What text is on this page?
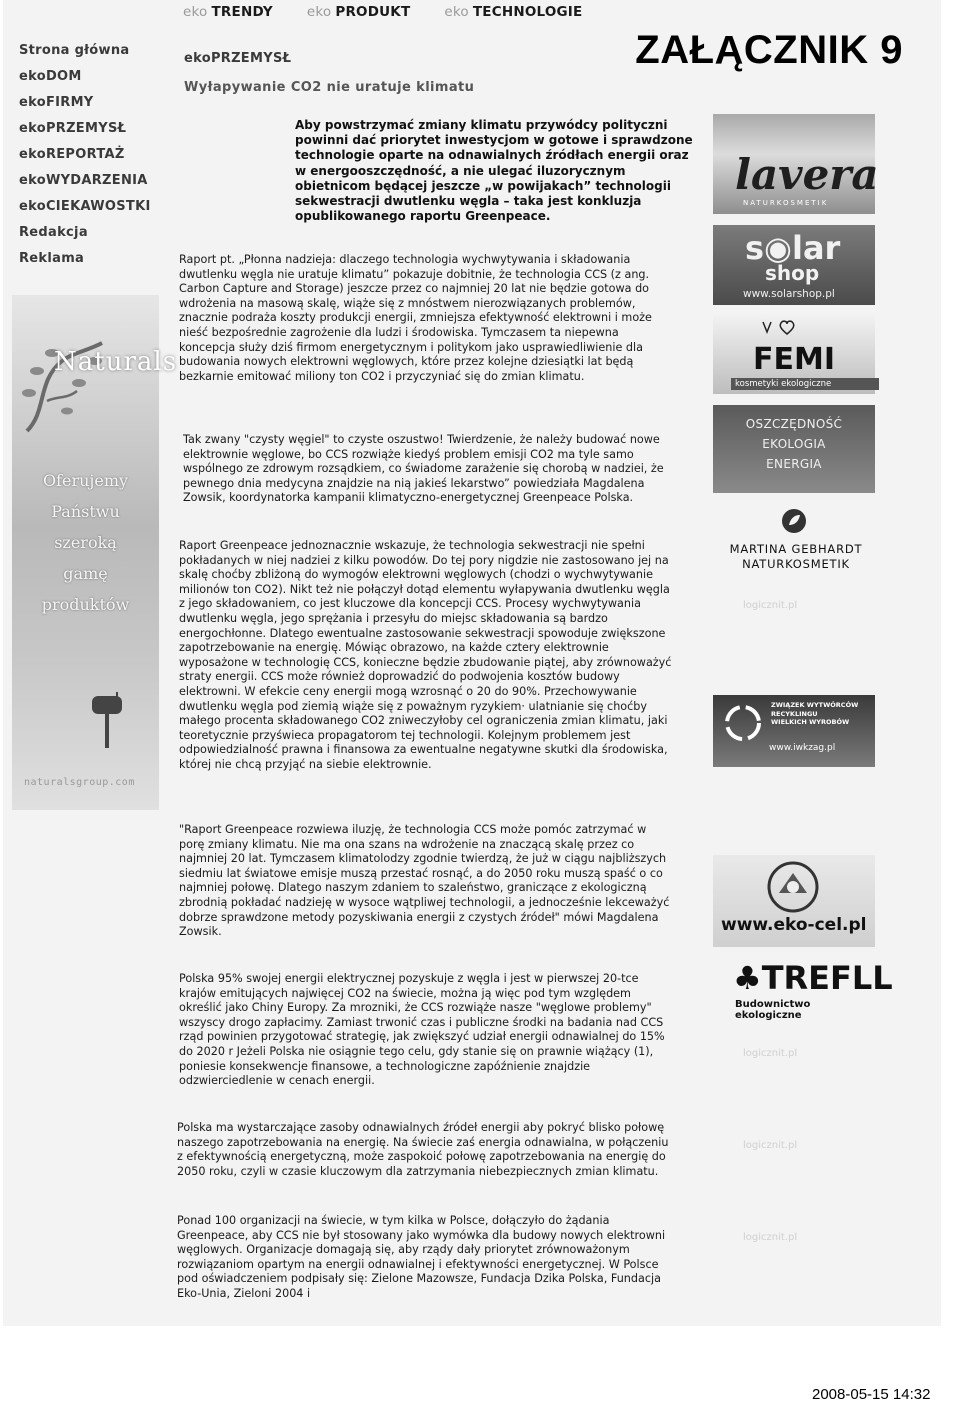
eko TRENDY	eko PRODUKT	eko TECHNOLOGIE
Strona główna
ekoDOM
ekoFIRMY
ekoPRZEMYSŁ
ekoREPORTAŻ
ekoWYDARZENIA
ekoCIEKAWOSTKI
Redakcja
Reklama
Naturals
Oferujemy
Państwu
szeroką
gamę
produktów
naturalsgroup.com
ZAŁĄCZNIK 9
ekoPRZEMYSŁ
Wyłapywanie CO2 nie uratuje klimatu
Aby powstrzymać zmiany klimatu przywódcy polityczni powinni dać priorytet inwestycjom w gotowe i sprawdzone technologie oparte na odnawialnych źródłach energii oraz w energooszczędność, a nie ulegać iluzorycznym obietnicom będącej jeszcze „w powijakach” technologii sekwestracji dwutlenku węgla – taka jest konkluzja opublikowanego raportu Greenpeace.
Raport pt. „Płonna nadzieja: dlaczego technologia wychwytywania i składowania dwutlenku węgla nie uratuje klimatu” pokazuje dobitnie, że technologia CCS (z ang. Carbon Capture and Storage) jeszcze przez co najmniej 20 lat nie będzie gotowa do wdrożenia na masową skalę, wiąże się z mnóstwem nierozwiązanych problemów, znacznie podraża koszty produkcji energii, zmniejsza efektywność elektrowni i może nieść bezpośrednie zagrożenie dla ludzi i środowiska. Tymczasem ta niepewna koncepcja służy dziś firmom energetycznym i politykom jako usprawiedliwienie dla budowania nowych elektrowni węglowych, które przez kolejne dziesiątki lat będą bezkarnie emitować miliony ton CO2 i przyczyniać się do zmian klimatu.
Tak zwany "czysty węgiel" to czyste oszustwo! Twierdzenie, że należy budować nowe elektrownie węglowe, bo CCS rozwiąże kiedyś problem emisji CO2 ma tyle samo wspólnego ze zdrowym rozsądkiem, co świadome zarażenie się chorobą w nadziei, że pewnego dnia medycyna znajdzie na nią jakieś lekarstwo” powiedziała Magdalena Zowsik, koordynatorka kampanii klimatyczno-energetycznej Greenpeace Polska.
Raport Greenpeace jednoznacznie wskazuje, że technologia sekwestracji nie spełni pokładanych w niej nadziei z kilku powodów. Do tej pory nigdzie nie zastosowano jej na skalę choćby zbliżoną do wymogów elektrowni węglowych (chodzi o wychwytywanie milionów ton CO2). Nikt też nie połączył dotąd elementu wyłapywania dwutlenku węgla z jego składowaniem, co jest kluczowe dla koncepcji CCS. Procesy wychwytywania dwutlenku węgla, jego sprężania i przesyłu do miejsc składowania są bardzo energochłonne. Dlatego ewentualne zastosowanie sekwestracji spowoduje zwiększone zapotrzebowanie na energię. Mówiąc obrazowo, na każde cztery elektrownie wyposażone w technologię CCS, konieczne będzie zbudowanie piątej, aby zrównoważyć straty energii. CCS może również doprowadzić do podwojenia kosztów budowy elektrowni. W efekcie ceny energii mogą wzrosnąć o 20 do 90%. Przechowywanie dwutlenku węgla pod ziemią wiąże się z poważnym ryzykiem· ulatnianie się choćby małego procenta składowanego CO2 zniweczyłoby cel ograniczenia zmian klimatu, jaki teoretycznie przyświeca propagatorom tej technologii. Kolejnym problemem jest odpowiedzialność prawna i finansowa za ewentualne negatywne skutki dla środowiska, której nie chcą przyjąć na siebie elektrownie.
"Raport Greenpeace rozwiewa iluzję, że technologia CCS może pomóc zatrzymać w porę zmiany klimatu. Nie ma ona szans na wdrożenie na znaczącą skalę przez co najmniej 20 lat. Tymczasem klimatolodzy zgodnie twierdzą, że już w ciągu najbliższych siedmiu lat światowe emisje muszą przestać rosnąć, a do 2050 roku muszą spaść o co najmniej połowę. Dlatego naszym zdaniem to szaleństwo, graniczące z ekologiczną zbrodnią pokładać nadzieję w wysoce wątpliwej technologii, a jednocześnie lekceważyć dobrze sprawdzone metody pozyskiwania energii z czystych źródeł" mówi Magdalena Zowsik.
Polska 95% swojej energii elektrycznej pozyskuje z węgla i jest w pierwszej 20-tce krajów emitujących najwięcej CO2 na świecie, można ją więc pod tym względem określić jako Chiny Europy. Za mrozniki, że CCS rozwiąże nasze "węglowe problemy" wszyscy drogo zapłacimy. Zamiast trwonić czas i publiczne środki na badania nad CCS rząd powinien przygotować strategię, jak zwiększyć udział energii odnawialnej do 15% do 2020 r Jeżeli Polska nie osiągnie tego celu, gdy stanie się on prawnie wiążący (1), poniesie konsekwencje finansowe, a technologiczne zapóźnienie znajdzie odzwierciedlenie w cenach energii.
Polska ma wystarczające zasoby odnawialnych źródeł energii aby pokryć blisko połowę naszego zapotrzebowania na energię. Na świecie zaś energia odnawialna, w połączeniu z efektywnością energetyczną, może zaspokoić połowę zapotrzebowania na energię do 2050 roku, czyli w czasie kluczowym dla zatrzymania niebezpiecznych zmian klimatu.
Ponad 100 organizacji na świecie, w tym kilka w Polsce, dołączyło do żądania Greenpeace, aby CCS nie był stosowany jako wymówka dla budowy nowych elektrowni węglowych. Organizacje domagają się, aby rządy dały priorytet zrównoważonym rozwiązaniom opartym na energii odnawialnej i efektywności energetycznej. W Polsce pod oświadczeniem podpisały się: Zielone Mazowsze, Fundacja Dzika Polska, Fundacja Eko-Unia, Zieloni 2004 i
lavera
NATURKOSMETIK
s◉lar
shop
www.solarshop.pl
FEMI
kosmetyki ekologiczne
OSZCZĘDNOŚĆ
EKOLOGIA
ENERGIA
MARTINA GEBHARDT
NATURKOSMETIK
logicznit.pl
ZWIĄZEK WYTWÓRCÓW
RECYKLINGU
WIELKICH WYROBÓW
www.iwkzag.pl
www.eko-cel.pl
♣TREFLL
Budownictwo ekologiczne
logicznit.pl
logicznit.pl
logicznit.pl
2008-05-15 14:32
